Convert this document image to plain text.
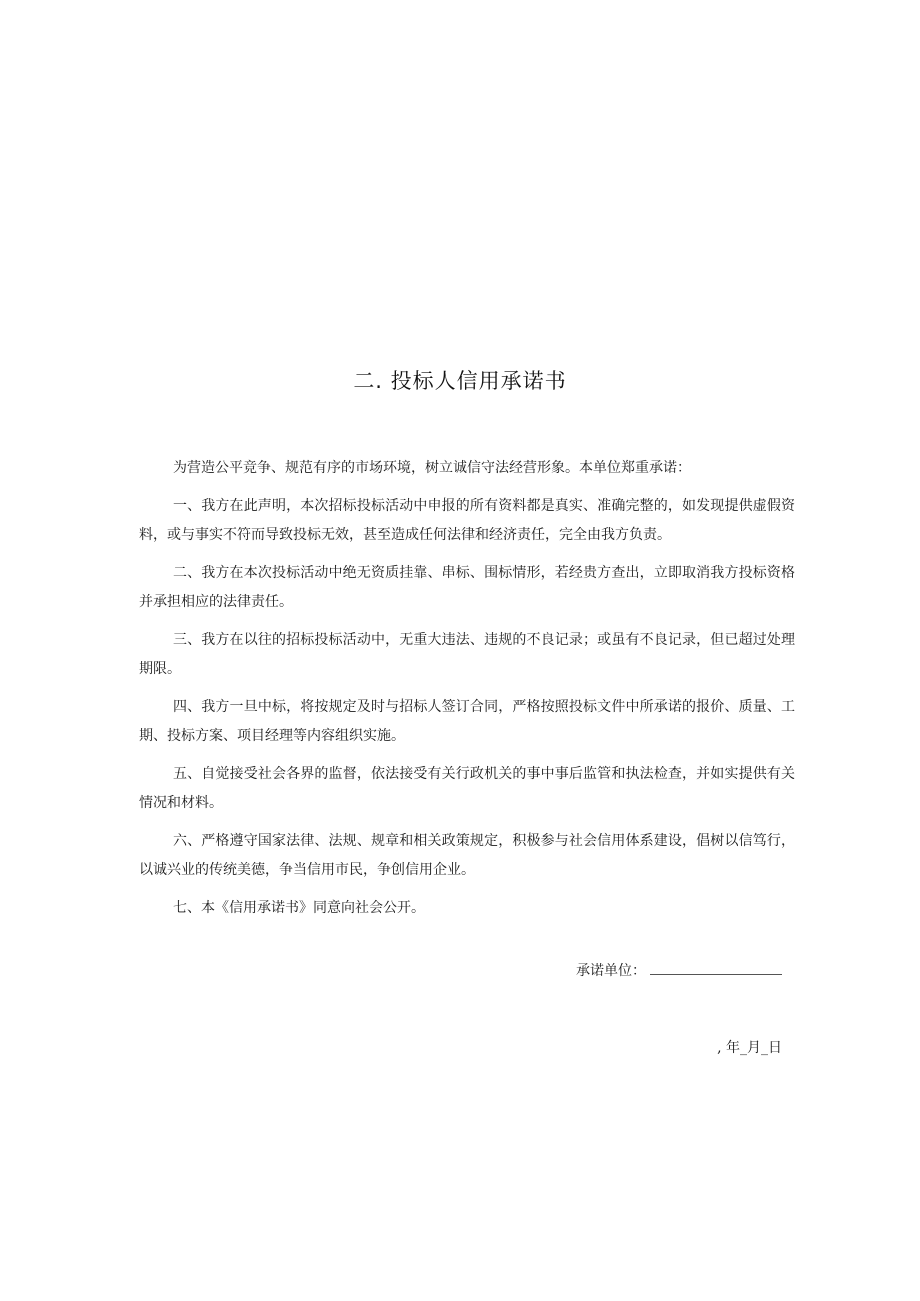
二. 投标人信用承诺书

为营造公平竞争、规范有序的市场环境，树立诚信守法经营形象。本单位郑重承诺：

一、我方在此声明，本次招标投标活动中申报的所有资料都是真实、准确完整的，如发现提供虚假资料，或与事实不符而导致投标无效，甚至造成任何法律和经济责任，完全由我方负责。

二、我方在本次投标活动中绝无资质挂靠、串标、围标情形，若经贵方查出，立即取消我方投标资格并承担相应的法律责任。

三、我方在以往的招标投标活动中，无重大违法、违规的不良记录；或虽有不良记录，但已超过处理期限。

四、我方一旦中标，将按规定及时与招标人签订合同，严格按照投标文件中所承诺的报价、质量、工期、投标方案、项目经理等内容组织实施。

五、自觉接受社会各界的监督，依法接受有关行政机关的事中事后监管和执法检查，并如实提供有关情况和材料。

六、严格遵守国家法律、法规、规章和相关政策规定，积极参与社会信用体系建设，倡树以信笃行，以诚兴业的传统美德，争当信用市民，争创信用企业。

七、本《信用承诺书》同意向社会公开。

承诺单位：
, 年_月_日
